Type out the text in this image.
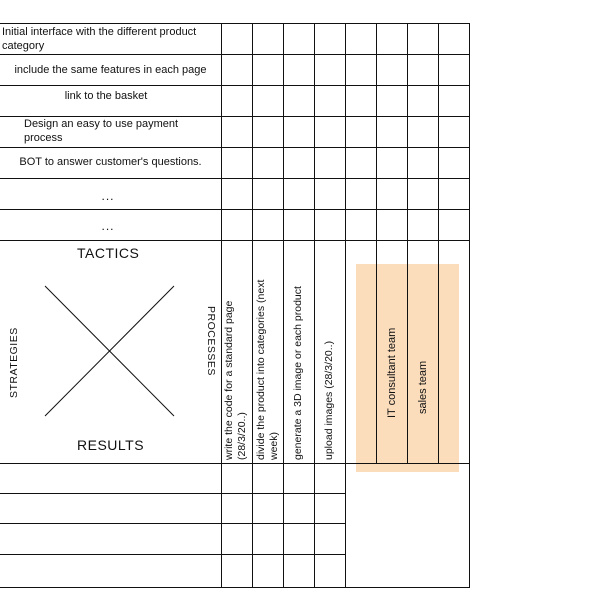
Initial interface with the different product category
include the same features in each page
link to the basket
Design an easy to use payment process
BOT to answer customer's questions.
...
...
TACTICS
RESULTS
STRATEGIES	PROCESSES write the code for a standard page (28/3/20..) divide the product into categories (next week) generate a 3D image or each product upload images (28/3/20..)	IT consultant team sales team
